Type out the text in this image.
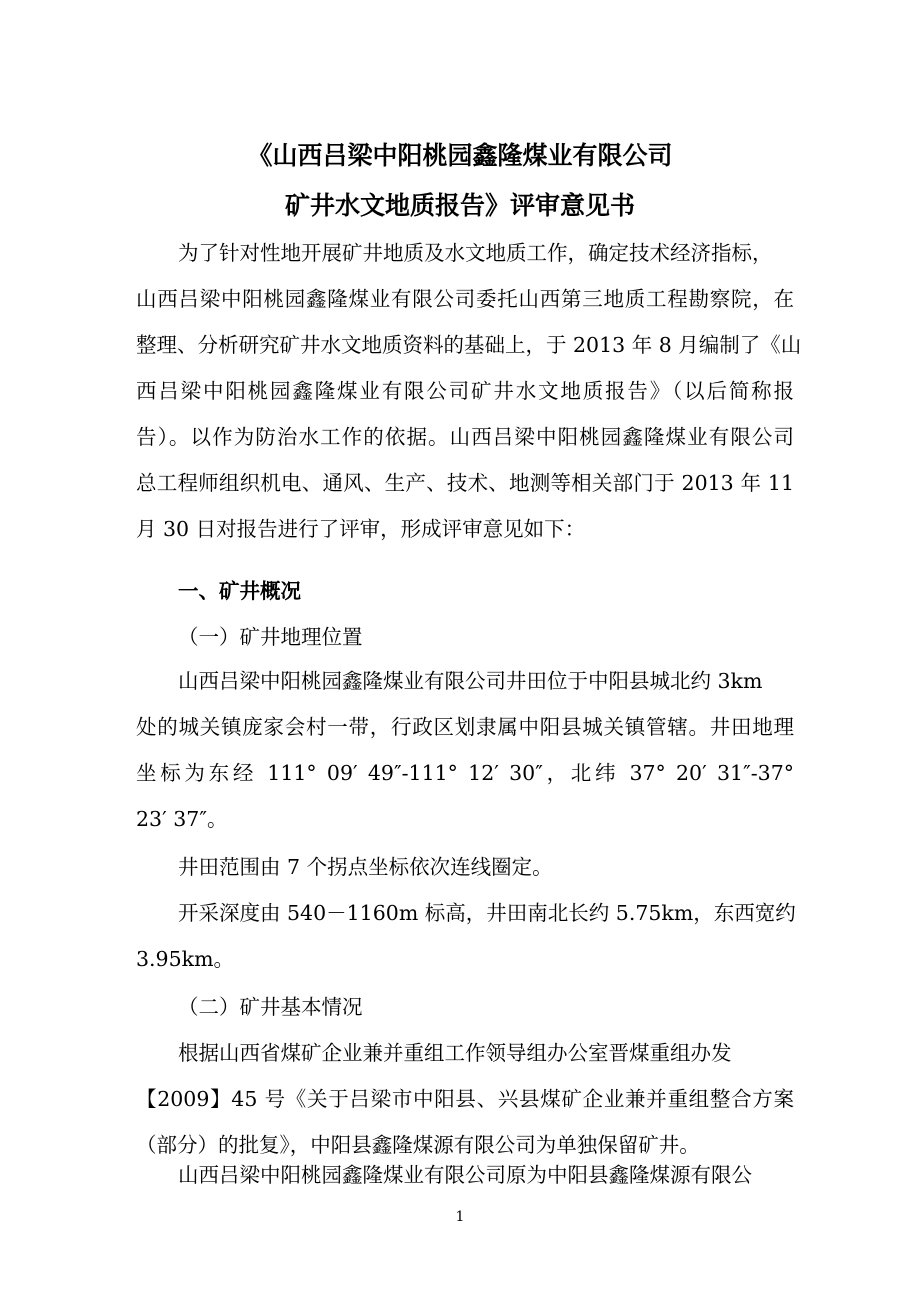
《山西吕梁中阳桃园鑫隆煤业有限公司
矿井水文地质报告》评审意见书
为了针对性地开展矿井地质及水文地质工作，确定技术经济指标，
山西吕梁中阳桃园鑫隆煤业有限公司委托山西第三地质工程勘察院，在
整理、分析研究矿井水文地质资料的基础上，于 2013 年 8 月编制了《山
西吕梁中阳桃园鑫隆煤业有限公司矿井水文地质报告》（以后简称报
告）。以作为防治水工作的依据。山西吕梁中阳桃园鑫隆煤业有限公司
总工程师组织机电、通风、生产、技术、地测等相关部门于 2013 年 11
月 30 日对报告进行了评审，形成评审意见如下：
一、矿井概况
（一）矿井地理位置
山西吕梁中阳桃园鑫隆煤业有限公司井田位于中阳县城北约 3km
处的城关镇庞家会村一带，行政区划隶属中阳县城关镇管辖。井田地理
坐标为东经 111° 09′ 49″-111° 12′ 30″，北纬 37° 20′ 31″-37°
23′ 37″。
井田范围由 7 个拐点坐标依次连线圈定。
开采深度由 540－1160m 标高，井田南北长约 5.75km，东西宽约
3.95km。
（二）矿井基本情况
根据山西省煤矿企业兼并重组工作领导组办公室晋煤重组办发
【2009】45 号《关于吕梁市中阳县、兴县煤矿企业兼并重组整合方案
（部分）的批复》，中阳县鑫隆煤源有限公司为单独保留矿井。
山西吕梁中阳桃园鑫隆煤业有限公司原为中阳县鑫隆煤源有限公
1
